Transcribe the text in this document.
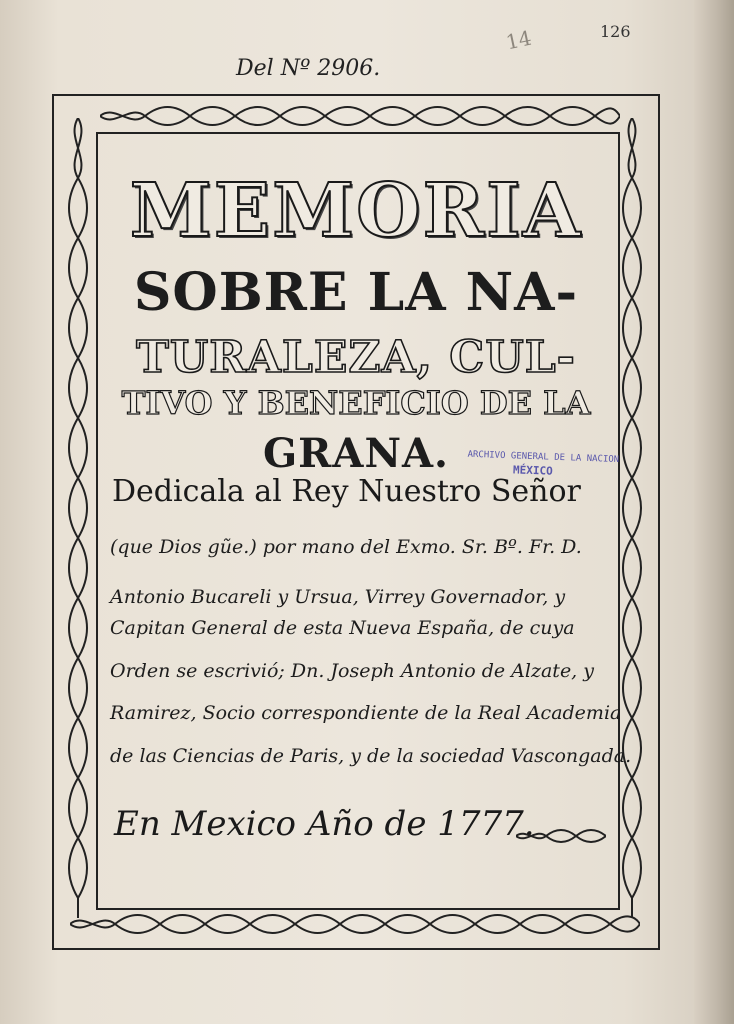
126
14
Del Nº 2906.
MEMORIA
SOBRE LA NA-
TURALEZA, CUL-
TIVO Y BENEFICIO DE LA
GRANA.	ARCHIVO GENERAL DE LA NACION
MÉXICO
Dedicala al Rey Nuestro Señor
(que Dios gũe.) por mano del Exmo. Sr. Bº. Fr. D.
Antonio Bucareli y Ursua, Virrey Governador, y
Capitan General de esta Nueva España, de cuya
Orden se escrivió; Dn. Joseph Antonio de Alzate, y
Ramirez, Socio correspondiente de la Real Academia
de las Ciencias de Paris, y de la sociedad Vascongada.
En Mexico Año de 1777.
